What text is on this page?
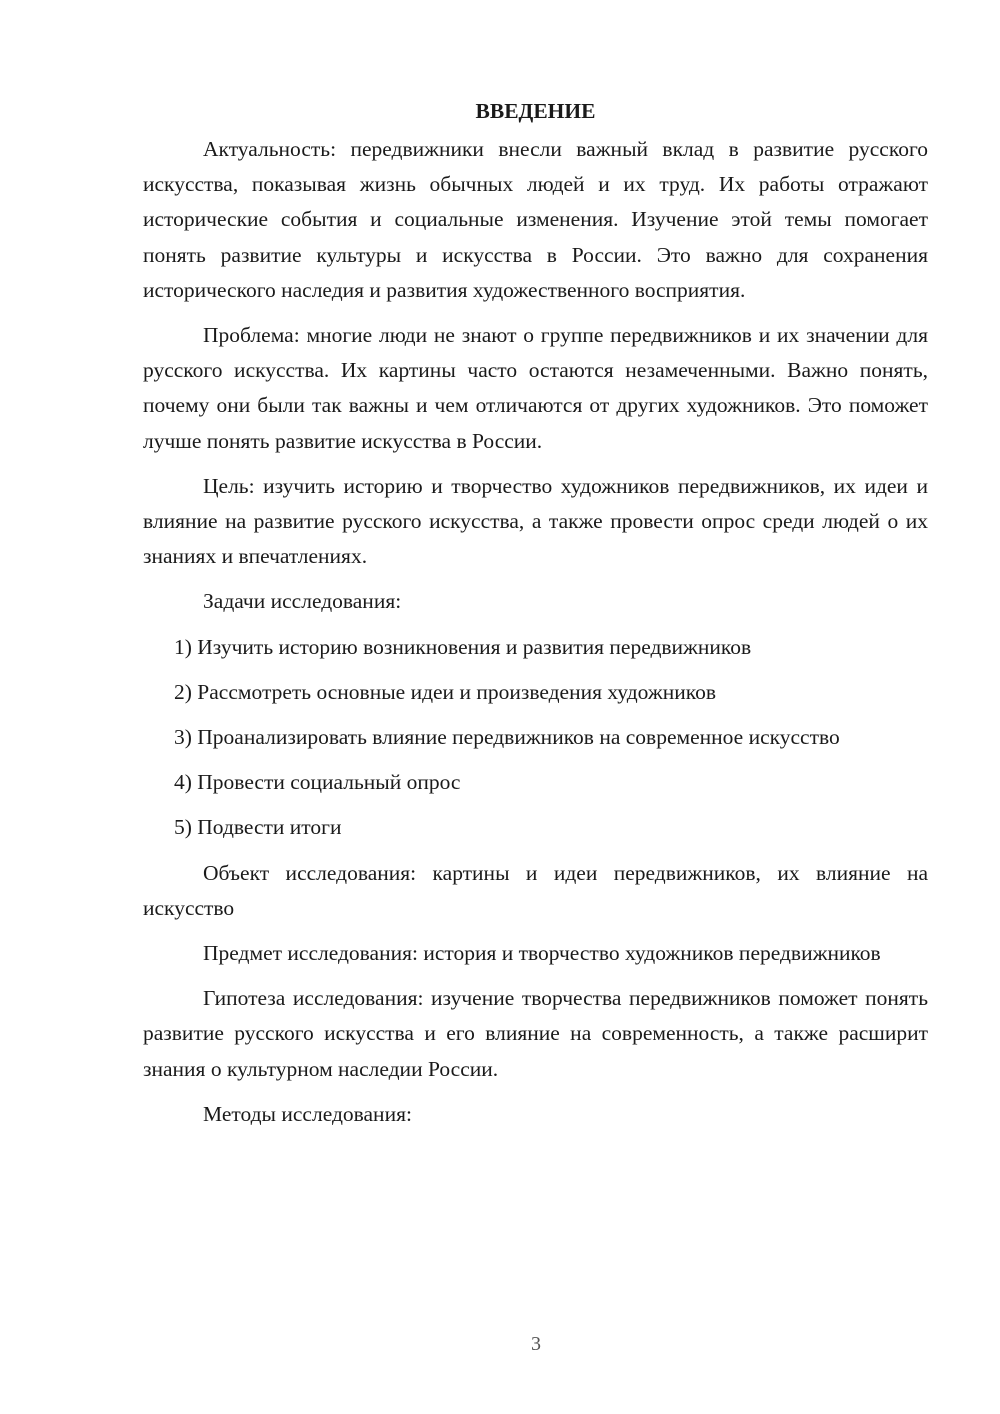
ВВЕДЕНИЕ

Актуальность: передвижники внесли важный вклад в развитие русского искусства, показывая жизнь обычных людей и их труд. Их работы отражают исторические события и социальные изменения. Изучение этой темы помогает понять развитие культуры и искусства в России. Это важно для сохранения исторического наследия и развития художественного восприятия.

Проблема: многие люди не знают о группе передвижников и их значении для русского искусства. Их картины часто остаются незамеченными. Важно понять, почему они были так важны и чем отличаются от других художников. Это поможет лучше понять развитие искусства в России.

Цель: изучить историю и творчество художников передвижников, их идеи и влияние на развитие русского искусства, а также провести опрос среди людей о их знаниях и впечатлениях.

Задачи исследования:

1) Изучить историю возникновения и развития передвижников

2) Рассмотреть основные идеи и произведения художников

3) Проанализировать влияние передвижников на современное искусство

4) Провести социальный опрос

5) Подвести итоги

Объект исследования: картины и идеи передвижников, их влияние на искусство

Предмет исследования: история и творчество художников передвижников

Гипотеза исследования: изучение творчества передвижников поможет понять развитие русского искусства и его влияние на современность, а также расширит знания о культурном наследии России.

Методы исследования:

3
